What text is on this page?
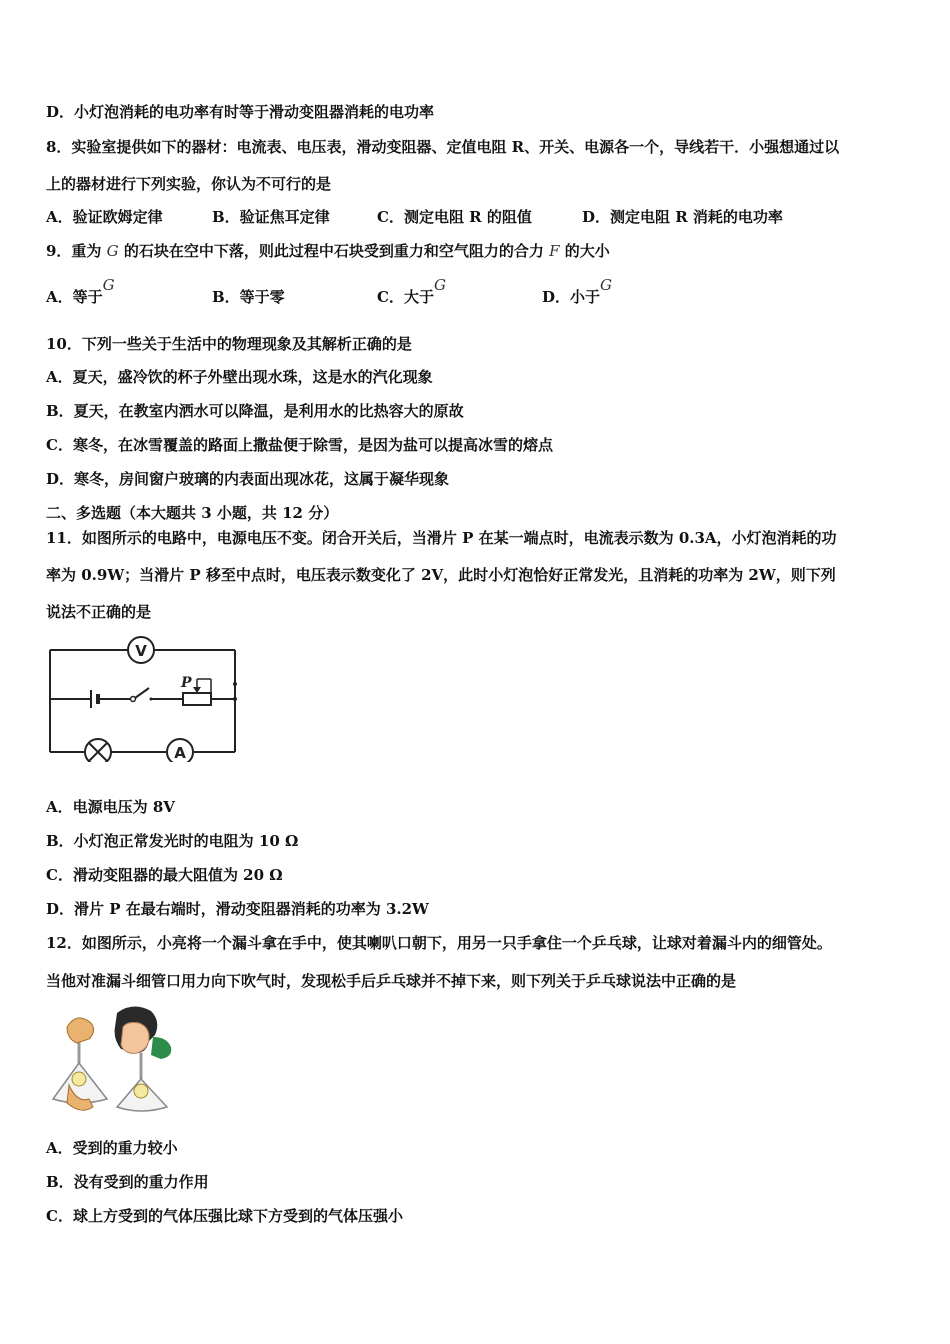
D．小灯泡消耗的电功率有时等于滑动变阻器消耗的电功率
8．实验室提供如下的器材：电流表、电压表，滑动变阻器、定值电阻 R、开关、电源各一个，导线若干．小强想通过以
上的器材进行下列实验，你认为不可行的是
A．验证欧姆定律	B．验证焦耳定律	C．测定电阻 R 的阻值	D．测定电阻 R 消耗的电功率
9．重为 G 的石块在空中下落，则此过程中石块受到重力和空气阻力的合力 F 的大小
A．等于G
B．等于零	C．大于G
D．小于G
10．下列一些关于生活中的物理现象及其解析正确的是
A．夏天，盛冷饮的杯子外壁出现水珠，这是水的汽化现象
B．夏天，在教室内洒水可以降温，是利用水的比热容大的原故
C．寒冬，在冰雪覆盖的路面上撒盐便于除雪，是因为盐可以提高冰雪的熔点
D．寒冬，房间窗户玻璃的内表面出现冰花，这属于凝华现象
二、多选题（本大题共 3 小题，共 12 分）
11．如图所示的电路中，电源电压不变。闭合开关后，当滑片 P 在某一端点时，电流表示数为 0.3A，小灯泡消耗的功
率为 0.9W；当滑片 P 移至中点时，电压表示数变化了 2V，此时小灯泡恰好正常发光，且消耗的功率为 2W，则下列
说法不正确的是
V
P
A
A．电源电压为 8V
B．小灯泡正常发光时的电阻为 10 Ω
C．滑动变阻器的最大阻值为 20 Ω
D．滑片 P 在最右端时，滑动变阻器消耗的功率为 3.2W
12．如图所示，小亮将一个漏斗拿在手中，使其喇叭口朝下，用另一只手拿住一个乒乓球，让球对着漏斗内的细管处。
当他对准漏斗细管口用力向下吹气时，发现松手后乒乓球并不掉下来，则下列关于乒乓球说法中正确的是
A．受到的重力较小
B．没有受到的重力作用
C．球上方受到的气体压强比球下方受到的气体压强小
